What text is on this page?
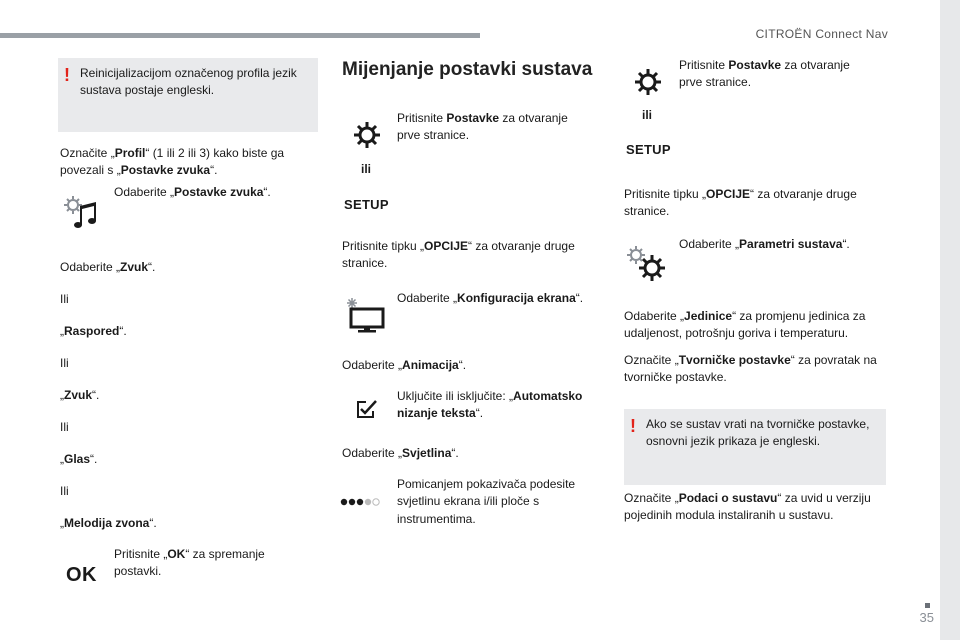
CITROËN Connect Nav
35
! Reinicijalizacijom označenog profila jezik sustava postaje engleski.

Označite „Profil“ (1 ili 2 ili 3) kako biste ga povezali s „Postavke zvuka“.

Odaberite „Postavke zvuka“.

Odaberite „Zvuk“.

Ili

„Raspored“.

Ili

„Zvuk“.

Ili

„Glas“.

Ili

„Melodija zvona“.

OK

Pritisnite „OK“ za spremanje postavki.

Mijenjanje postavki sustava

Pritisnite Postavke za otvaranje prve stranice.

ili
SETUP

Pritisnite tipku „OPCIJE“ za otvaranje druge stranice.

Odaberite „Konfiguracija ekrana“.

Odaberite „Animacija“.

Uključite ili isključite: „Automatsko nizanje teksta“.

Odaberite „Svjetlina“.

Pomicanjem pokazivača podesite svjetlinu ekrana i/ili ploče s instrumentima.

Pritisnite Postavke za otvaranje prve stranice.

ili
SETUP

Pritisnite tipku „OPCIJE“ za otvaranje druge stranice.

Odaberite „Parametri sustava“.

Odaberite „Jedinice“ za promjenu jedinica za udaljenost, potrošnju goriva i temperaturu.

Označite „Tvorničke postavke“ za povratak na tvorničke postavke.

! Ako se sustav vrati na tvorničke postavke, osnovni jezik prikaza je engleski.

Označite „Podaci o sustavu“ za uvid u verziju pojedinih modula instaliranih u sustavu.
